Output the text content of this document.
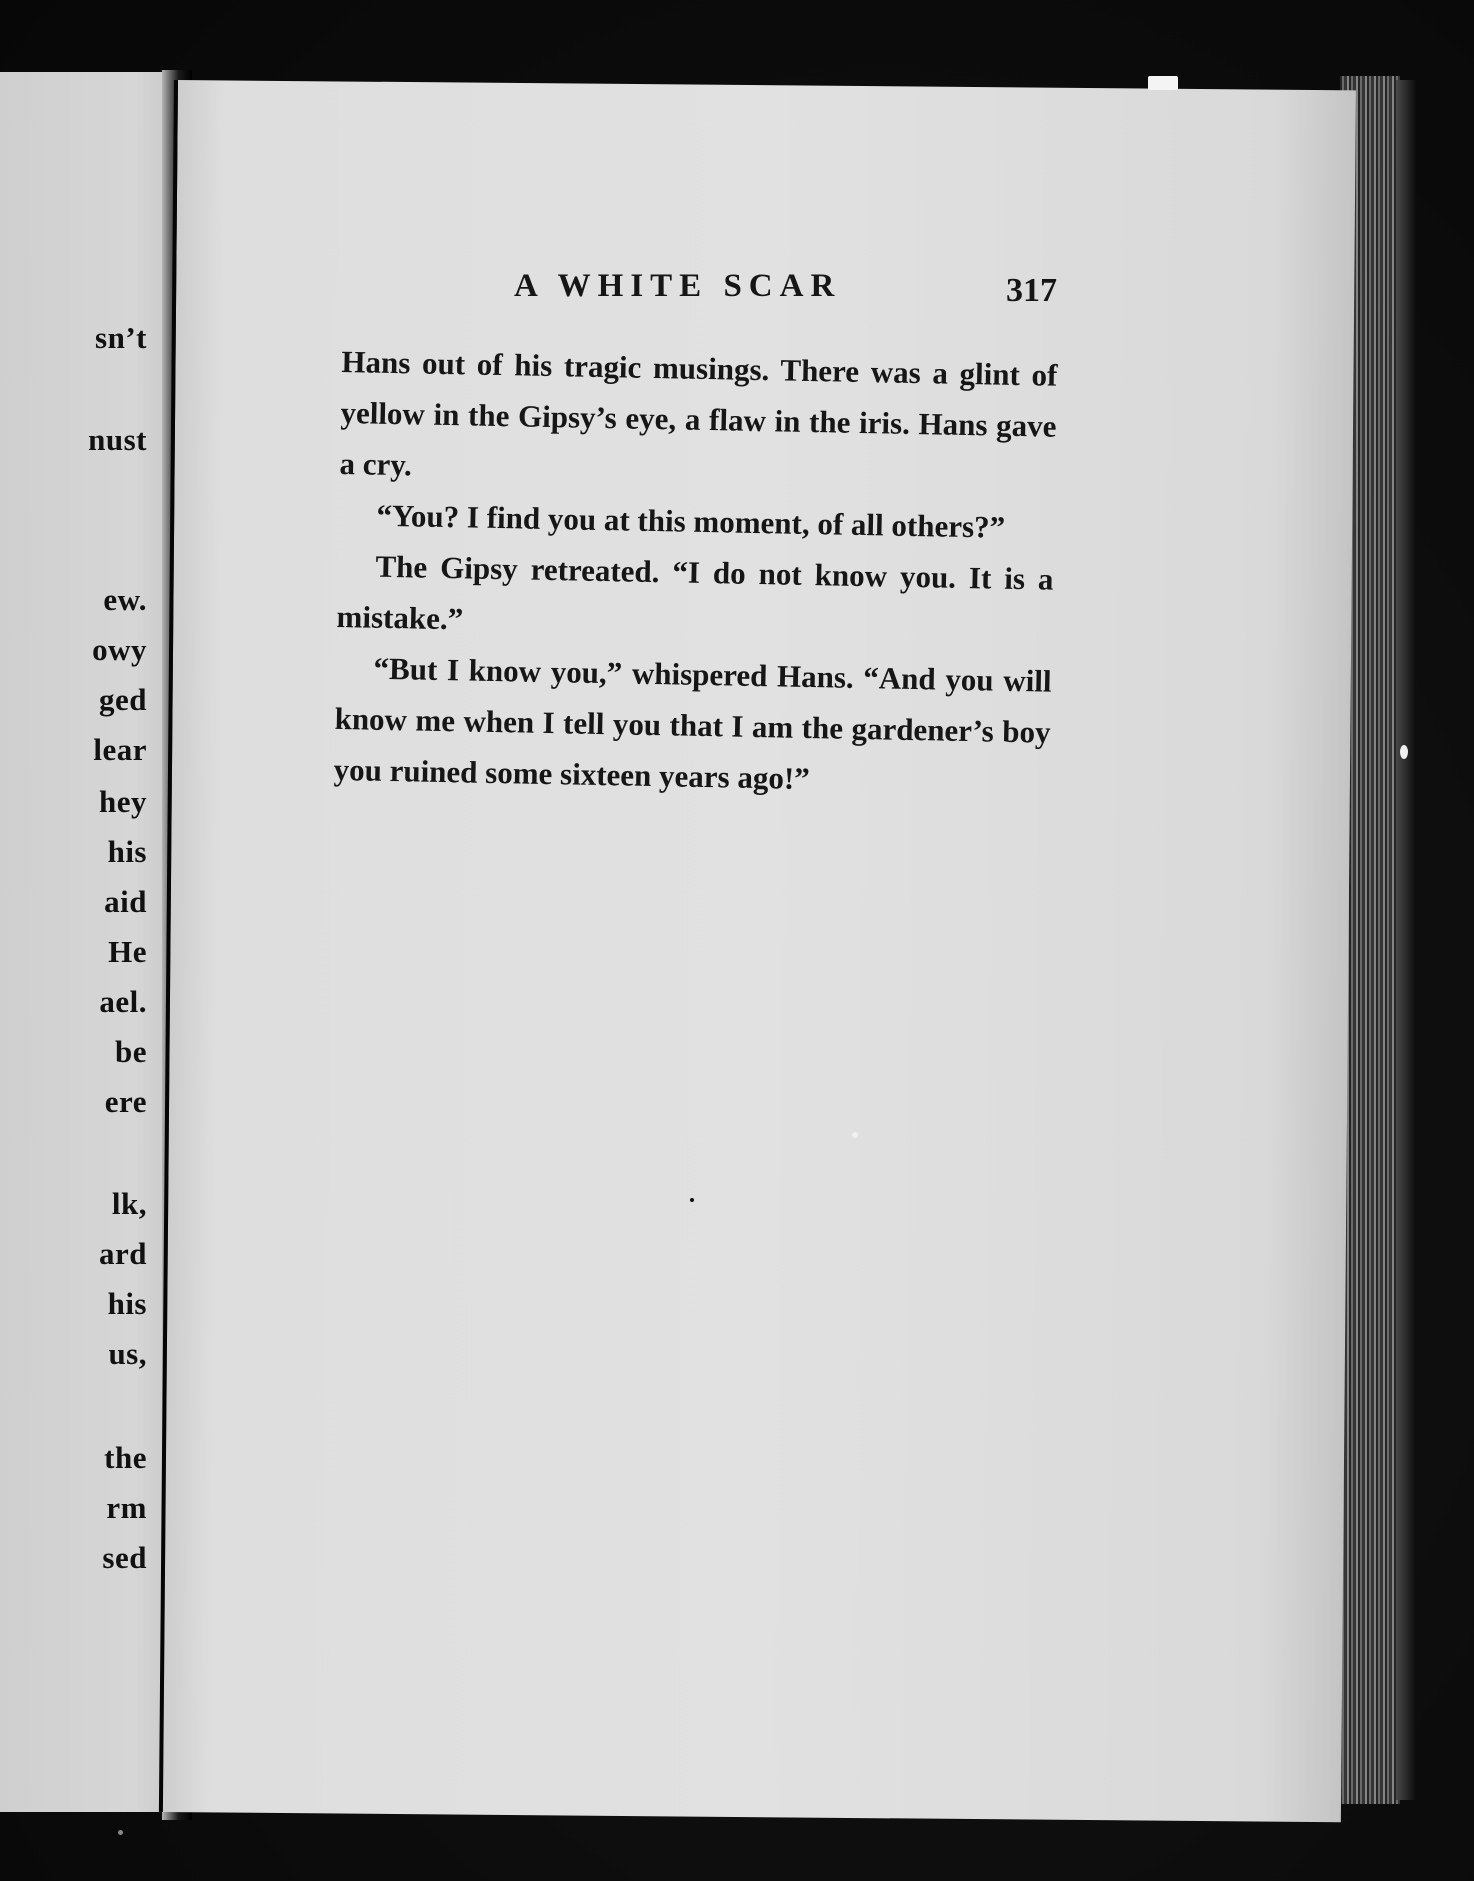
sn’t
nust
ew.
owy
ged
lear
hey
his
aid
He
ael.
be
ere
lk,
ard
his
us,
the
rm
sed
A WHITE SCAR	317

Hans out of his tragic musings. There was a glint of yellow in the Gipsy’s eye, a flaw in the iris. Hans gave a cry.

“You? I find you at this moment, of all others?”

The Gipsy retreated. “I do not know you. It is a mistake.”

“But I know you,” whispered Hans. “And you will know me when I tell you that I am the gardener’s boy you ruined some sixteen years ago!”
